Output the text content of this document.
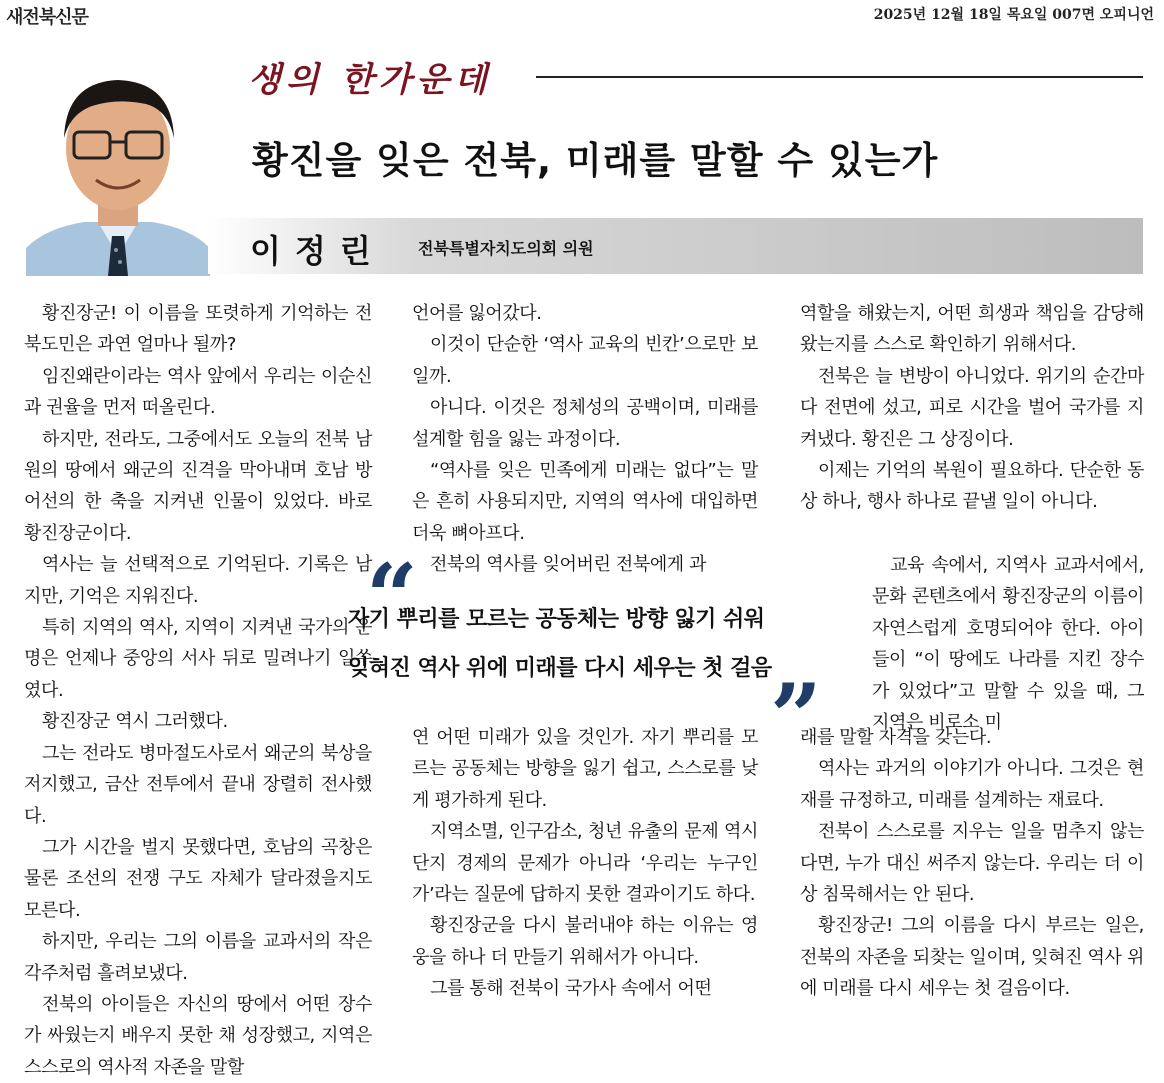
새전북신문	2025년 12월 18일 목요일 007면 오피니언
생의 한가운데
황진을 잊은 전북, 미래를 말할 수 있는가
이정린 전북특별자치도의회 의원

황진장군! 이 이름을 또렷하게 기억하는 전북도민은 과연 얼마나 될까?

임진왜란이라는 역사 앞에서 우리는 이순신과 권율을 먼저 떠올린다.

하지만, 전라도, 그중에서도 오늘의 전북 남원의 땅에서 왜군의 진격을 막아내며 호남 방어선의 한 축을 지켜낸 인물이 있었다. 바로 황진장군이다.

역사는 늘 선택적으로 기억된다. 기록은 남지만, 기억은 지워진다.

특히 지역의 역사, 지역이 지켜낸 국가의 운명은 언제나 중앙의 서사 뒤로 밀려나기 일쑤였다.

황진장군 역시 그러했다.

그는 전라도 병마절도사로서 왜군의 북상을 저지했고, 금산 전투에서 끝내 장렬히 전사했다.

그가 시간을 벌지 못했다면, 호남의 곡창은 물론 조선의 전쟁 구도 자체가 달라졌을지도 모른다.

하지만, 우리는 그의 이름을 교과서의 작은 각주처럼 흘려보냈다.

전북의 아이들은 자신의 땅에서 어떤 장수가 싸웠는지 배우지 못한 채 성장했고, 지역은 스스로의 역사적 자존을 말할

언어를 잃어갔다.

이것이 단순한 ‘역사 교육의 빈칸’으로만 보일까.

아니다. 이것은 정체성의 공백이며, 미래를 설계할 힘을 잃는 과정이다.

“역사를 잊은 민족에게 미래는 없다”는 말은 흔히 사용되지만, 지역의 역사에 대입하면 더욱 뼈아프다.

전북의 역사를 잊어버린 전북에게 과

“
자기 뿌리를 모르는 공동체는 방향 잃기 쉬워
잊혀진 역사 위에 미래를 다시 세우는 첫 걸음
”

연 어떤 미래가 있을 것인가. 자기 뿌리를 모르는 공동체는 방향을 잃기 쉽고, 스스로를 낮게 평가하게 된다.

지역소멸, 인구감소, 청년 유출의 문제 역시 단지 경제의 문제가 아니라 ‘우리는 누구인가’라는 질문에 답하지 못한 결과이기도 하다.

황진장군을 다시 불러내야 하는 이유는 영웅을 하나 더 만들기 위해서가 아니다.

그를 통해 전북이 국가사 속에서 어떤

역할을 해왔는지, 어떤 희생과 책임을 감당해왔는지를 스스로 확인하기 위해서다.

전북은 늘 변방이 아니었다. 위기의 순간마다 전면에 섰고, 피로 시간을 벌어 국가를 지켜냈다. 황진은 그 상징이다.

이제는 기억의 복원이 필요하다. 단순한 동상 하나, 행사 하나로 끝낼 일이 아니다.

교육 속에서, 지역사 교과서에서, 문화 콘텐츠에서 황진장군의 이름이 자연스럽게 호명되어야 한다. 아이들이 “이 땅에도 나라를 지킨 장수가 있었다”고 말할 수 있을 때, 그 지역은 비로소 미

래를 말할 자격을 갖는다.

역사는 과거의 이야기가 아니다. 그것은 현재를 규정하고, 미래를 설계하는 재료다.

전북이 스스로를 지우는 일을 멈추지 않는다면, 누가 대신 써주지 않는다. 우리는 더 이상 침묵해서는 안 된다.

황진장군! 그의 이름을 다시 부르는 일은, 전북의 자존을 되찾는 일이며, 잊혀진 역사 위에 미래를 다시 세우는 첫 걸음이다.
